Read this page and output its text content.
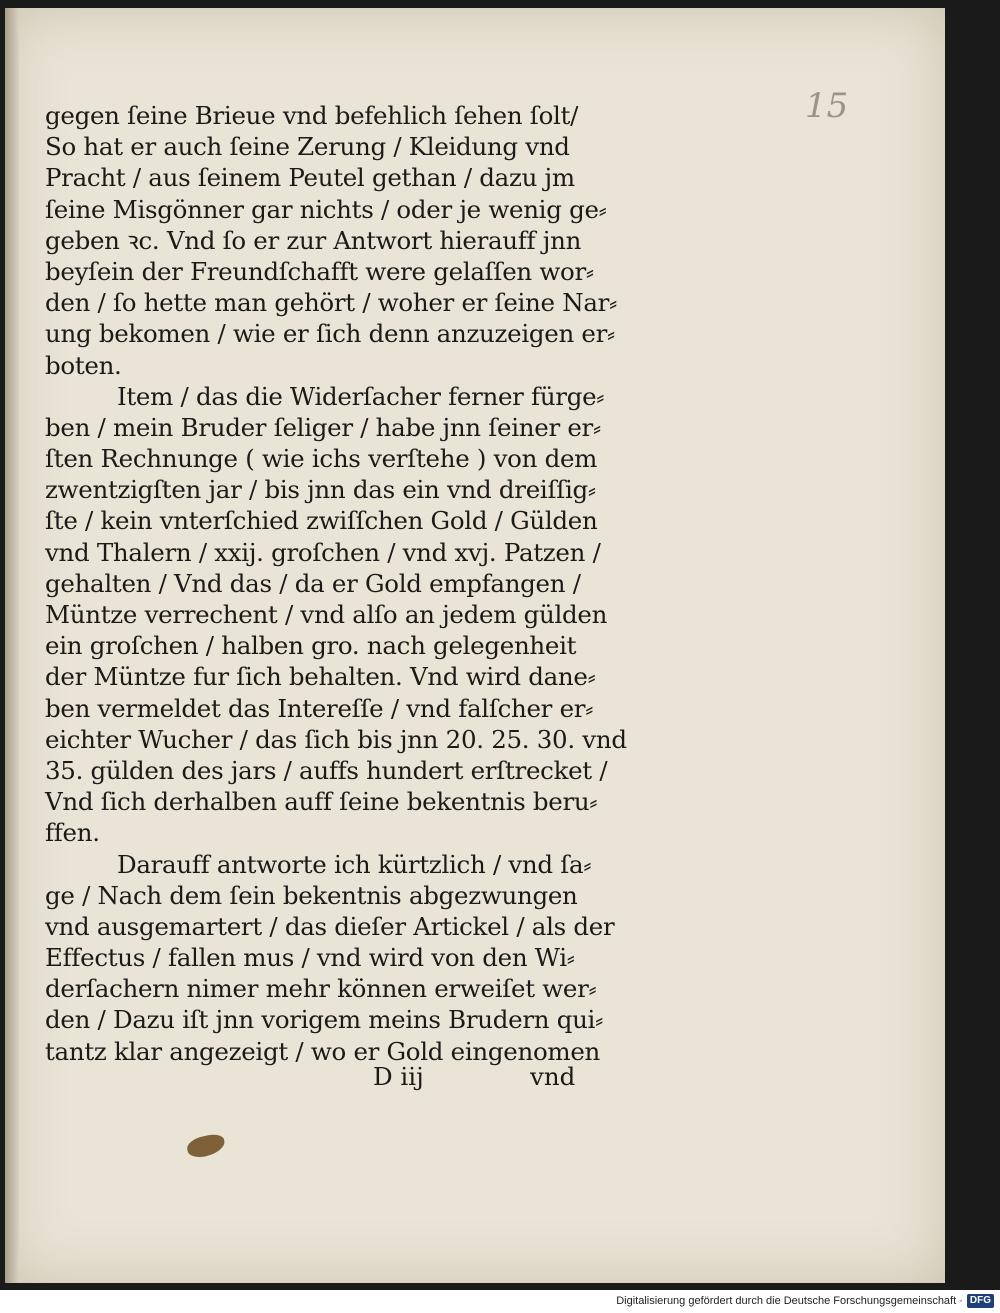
15
gegen ſeine Brieue vnd befehlich ſehen ſolt/
So hat er auch ſeine Zerung / Kleidung vnd
Pracht / aus ſeinem Peutel gethan / dazu jm
ſeine Misgönner gar nichts / oder je wenig ge⸗
geben ꝛc. Vnd ſo er zur Antwort hierauff jnn
beyſein der Freundſchafft were gelaſſen wor⸗
den / ſo hette man gehört / woher er ſeine Nar⸗
ung bekomen / wie er ſich denn anzuzeigen er⸗
boten.
Item / das die Widerſacher ferner fürge⸗
ben / mein Bruder ſeliger / habe jnn ſeiner er⸗
ſten Rechnunge ( wie ichs verſtehe ) von dem
zwentzigſten jar / bis jnn das ein vnd dreiſſig⸗
ſte / kein vnterſchied zwiſſchen Gold / Gülden
vnd Thalern / xxij. groſchen / vnd xvj. Patzen /
gehalten / Vnd das / da er Gold empfangen /
Müntze verrechent / vnd alſo an jedem gülden
ein groſchen / halben gro. nach gelegenheit
der Müntze fur ſich behalten. Vnd wird dane⸗
ben vermeldet das Intereſſe / vnd falſcher er⸗
eichter Wucher / das ſich bis jnn 20. 25. 30. vnd
35. gülden des jars / auffs hundert erſtrecket /
Vnd ſich derhalben auff ſeine bekentnis beru⸗
ffen.
Darauff antworte ich kürtzlich / vnd ſa⸗
ge / Nach dem ſein bekentnis abgezwungen
vnd ausgemartert / das dieſer Artickel / als der
Effectus / fallen mus / vnd wird von den Wi⸗
derſachern nimer mehr können erweiſet wer⸗
den / Dazu iſt jnn vorigem meins Brudern qui⸗
tantz klar angezeigt / wo er Gold eingenomen
D iij	vnd
Digitalisierung gefördert durch die Deutsche Forschungsgemeinschaft · DFG
